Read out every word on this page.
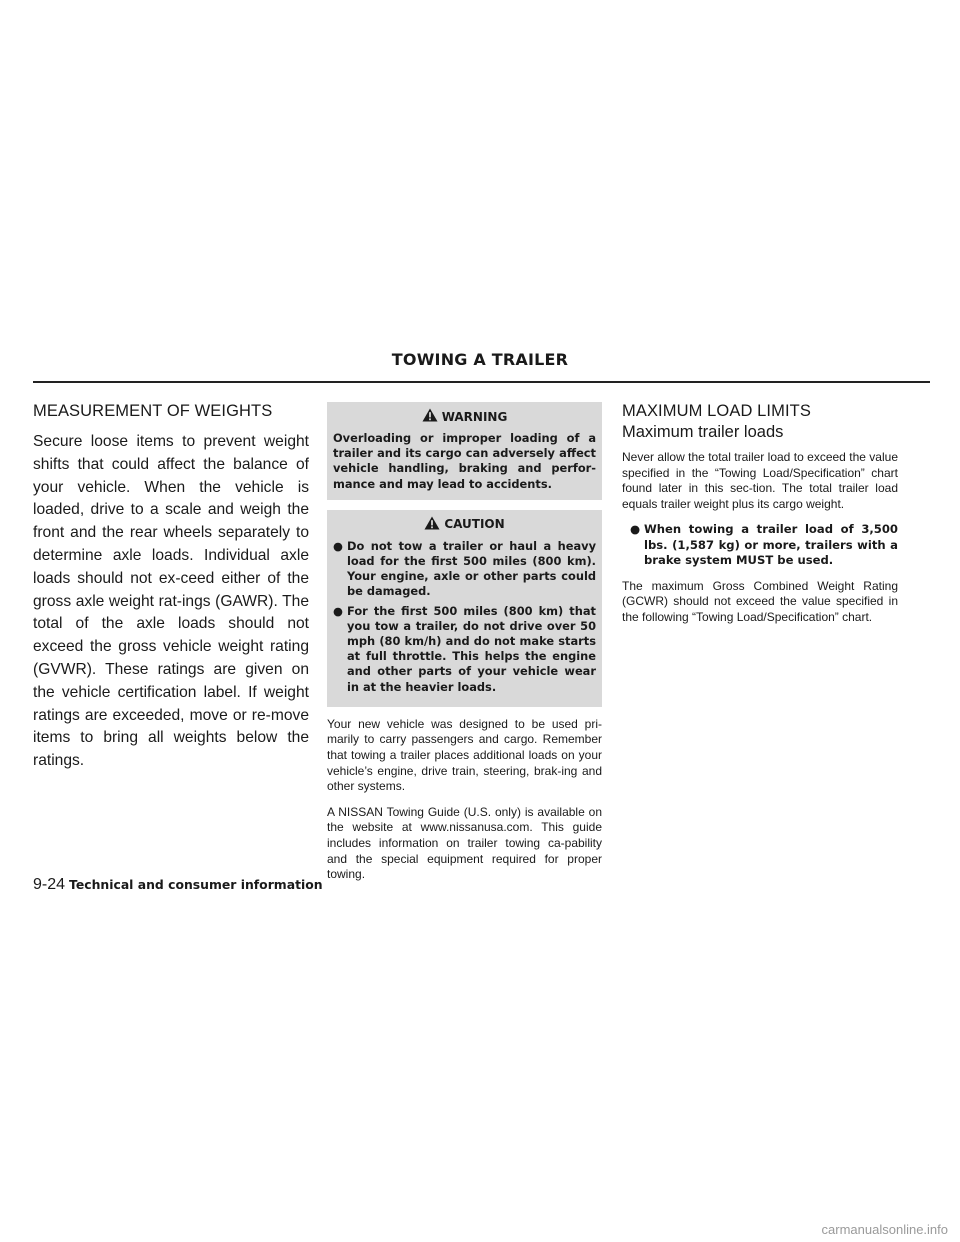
TOWING A TRAILER
MEASUREMENT OF WEIGHTS

Secure loose items to prevent weight shifts that could affect the balance of your vehicle. When the vehicle is loaded, drive to a scale and weigh the front and the rear wheels separately to determine axle loads. Individual axle loads should not ex-ceed either of the gross axle weight rat-ings (GAWR). The total of the axle loads should not exceed the gross vehicle weight rating (GVWR). These ratings are given on the vehicle certification label. If weight ratings are exceeded, move or re-move items to bring all weights below the ratings.

WARNING
Overloading or improper loading of a trailer and its cargo can adversely affect vehicle handling, braking and perfor-mance and may lead to accidents.
CAUTION
● Do not tow a trailer or haul a heavy load for the first 500 miles (800 km). Your engine, axle or other parts could be damaged.
● For the first 500 miles (800 km) that you tow a trailer, do not drive over 50 mph (80 km/h) and do not make starts at full throttle. This helps the engine and other parts of your vehicle wear in at the heavier loads.

Your new vehicle was designed to be used pri-marily to carry passengers and cargo. Remember that towing a trailer places additional loads on your vehicle’s engine, drive train, steering, brak-ing and other systems.

A NISSAN Towing Guide (U.S. only) is available on the website at www.nissanusa.com. This guide includes information on trailer towing ca-pability and the special equipment required for proper towing.

MAXIMUM LOAD LIMITS
Maximum trailer loads

Never allow the total trailer load to exceed the value specified in the “Towing Load/Specification” chart found later in this sec-tion. The total trailer load equals trailer weight plus its cargo weight.

● When towing a trailer load of 3,500 lbs. (1,587 kg) or more, trailers with a brake system MUST be used.

The maximum Gross Combined Weight Rating (GCWR) should not exceed the value specified in the following “Towing Load/Specification” chart.

9-24 Technical and consumer information
carmanualsonline.info
